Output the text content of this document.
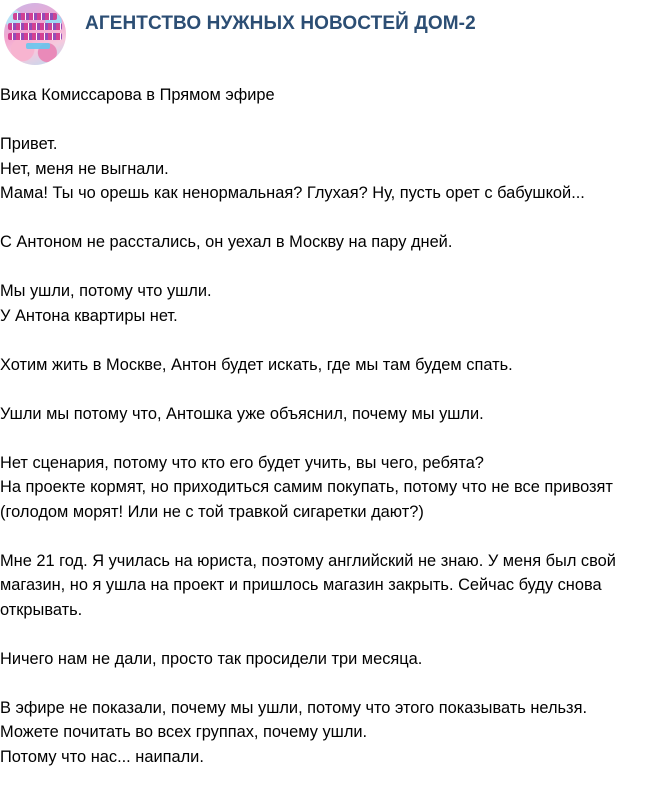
АГЕНТСТВО НУЖНЫХ НОВОСТЕЙ ДОМ-2

Вика Комиссарова в Прямом эфире

Привет.
Нет, меня не выгнали.
Мама! Ты чо орешь как ненормальная? Глухая? Ну, пусть орет с бабушкой...

С Антоном не расстались, он уехал в Москву на пару дней.

Мы ушли, потому что ушли.
У Антона квартиры нет.

Хотим жить в Москве, Антон будет искать, где мы там будем спать.

Ушли мы потому что, Антошка уже объяснил, почему мы ушли.

Нет сценария, потому что кто его будет учить, вы чего, ребята?
На проекте кормят, но приходиться самим покупать, потому что не все привозят
(голодом морят! Или не с той травкой сигаретки дают?)

Мне 21 год. Я училась на юриста, поэтому английский не знаю. У меня был свой
магазин, но я ушла на проект и пришлось магазин закрыть. Сейчас буду снова
открывать.

Ничего нам не дали, просто так просидели три месяца.

В эфире не показали, почему мы ушли, потому что этого показывать нельзя.
Можете почитать во всех группах, почему ушли.
Потому что нас... наипали.
